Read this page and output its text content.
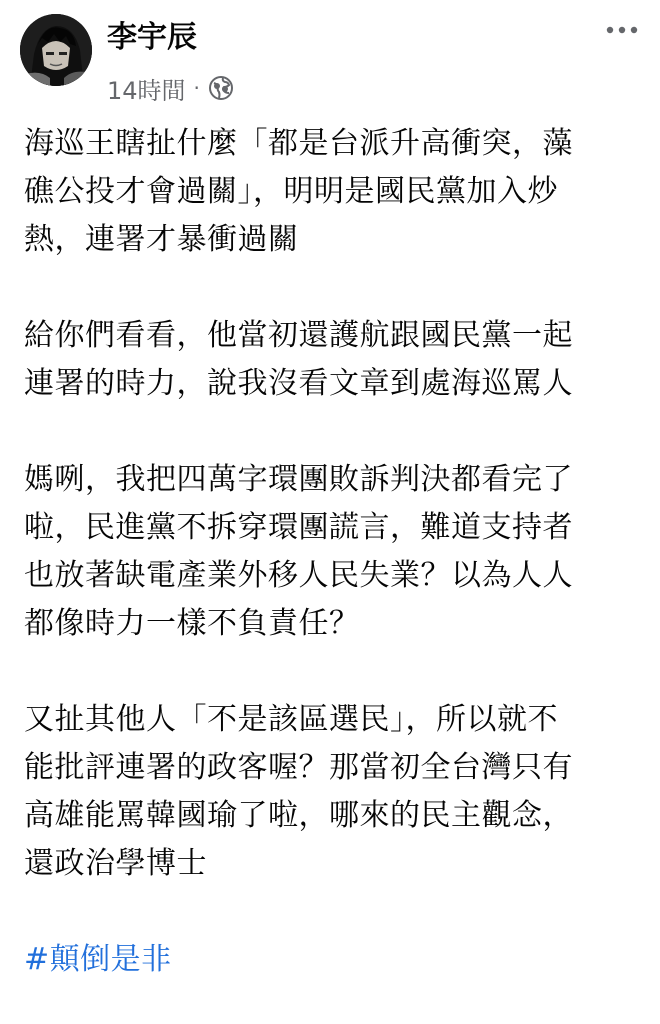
李宇辰
14時間 ·

海巡王瞎扯什麼「都是台派升高衝突，藻
礁公投才會過關」，明明是國民黨加入炒
熱，連署才暴衝過關

給你們看看，他當初還護航跟國民黨一起
連署的時力，說我沒看文章到處海巡罵人

媽咧，我把四萬字環團敗訴判決都看完了
啦，民進黨不拆穿環團謊言，難道支持者
也放著缺電產業外移人民失業？以為人人
都像時力一樣不負責任？

又扯其他人「不是該區選民」，所以就不
能批評連署的政客喔？那當初全台灣只有
高雄能罵韓國瑜了啦，哪來的民主觀念，
還政治學博士

#顛倒是非
